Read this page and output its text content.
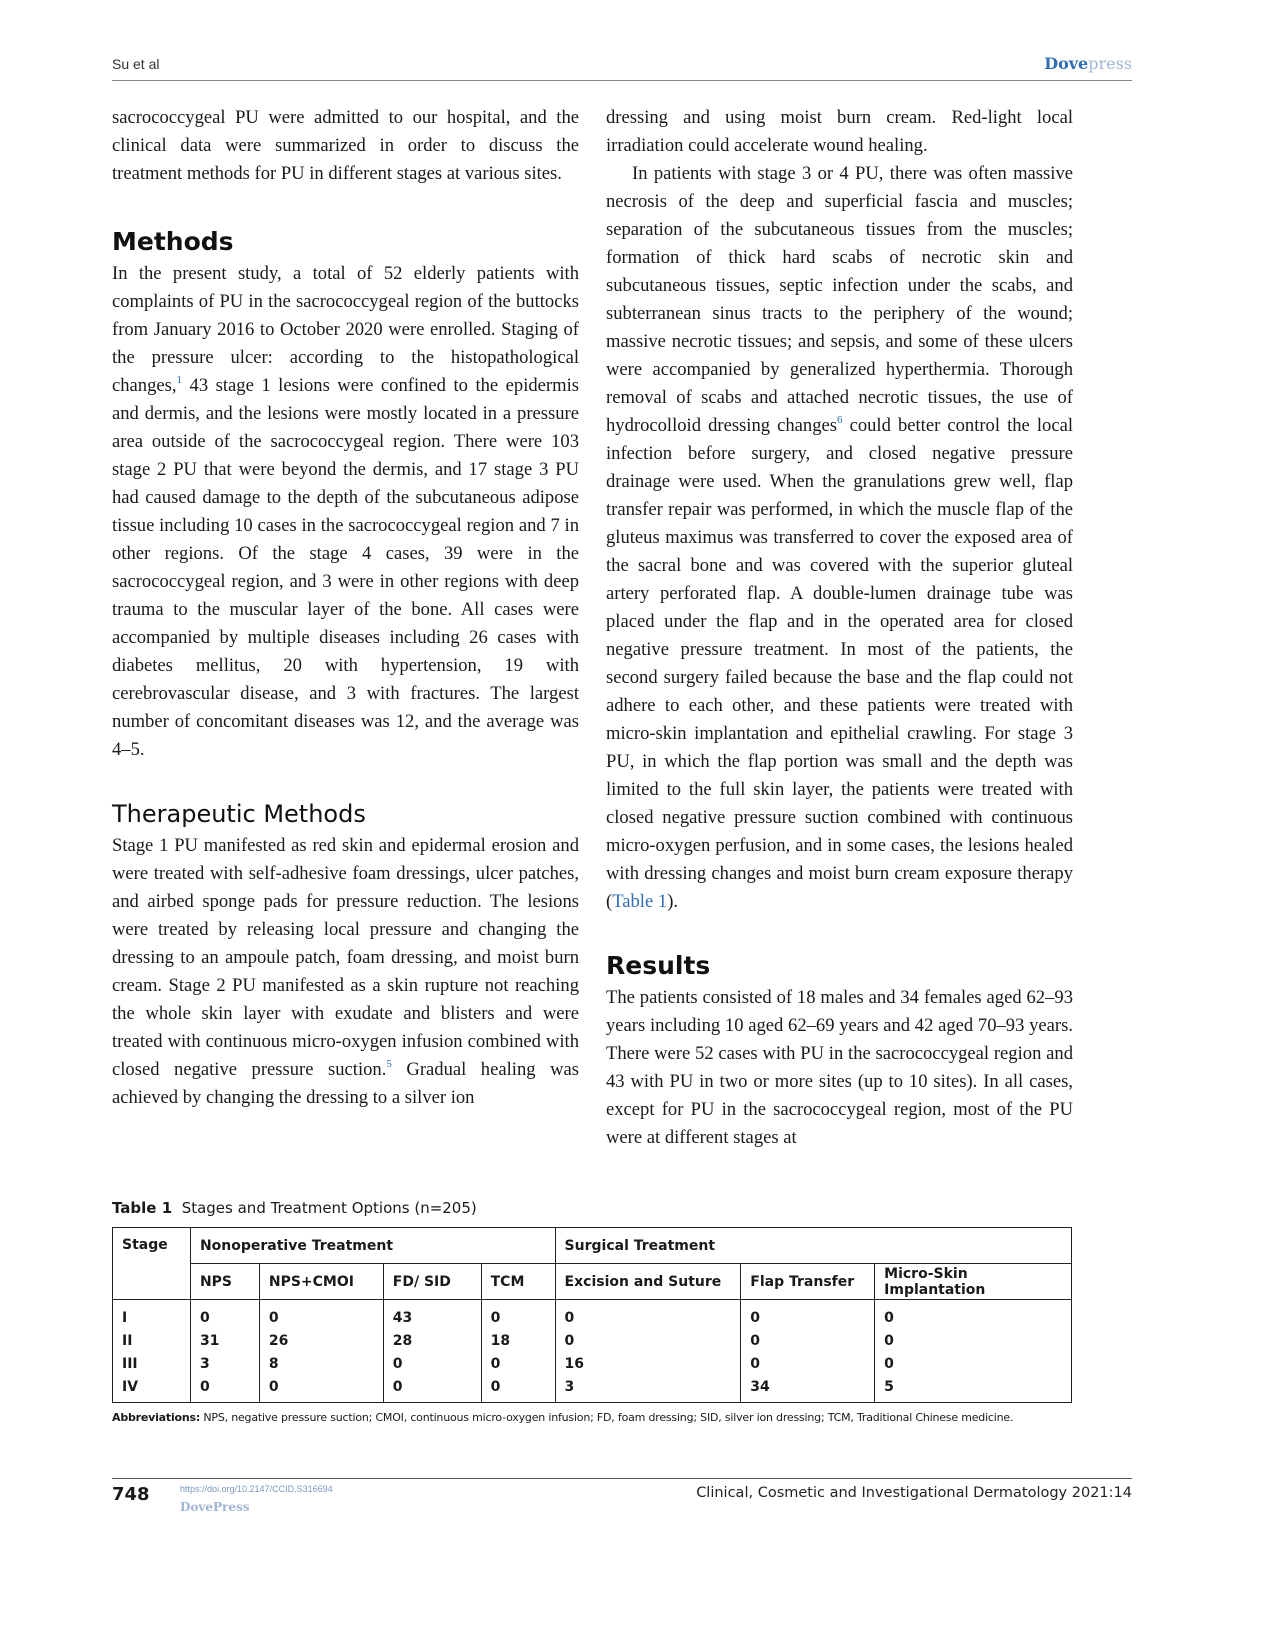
Su et al	Dovepress

sacrococcygeal PU were admitted to our hospital, and the clinical data were summarized in order to discuss the treatment methods for PU in different stages at various sites.

Methods

In the present study, a total of 52 elderly patients with complaints of PU in the sacrococcygeal region of the buttocks from January 2016 to October 2020 were enrolled. Staging of the pressure ulcer: according to the histopathological changes,$^1$ 43 stage 1 lesions were confined to the epidermis and dermis, and the lesions were mostly located in a pressure area outside of the sacrococcygeal region. There were 103 stage 2 PU that were beyond the dermis, and 17 stage 3 PU had caused damage to the depth of the subcutaneous adipose tissue including 10 cases in the sacrococcygeal region and 7 in other regions. Of the stage 4 cases, 39 were in the sacrococcygeal region, and 3 were in other regions with deep trauma to the muscular layer of the bone. All cases were accompanied by multiple diseases including 26 cases with diabetes mellitus, 20 with hypertension, 19 with cerebrovascular disease, and 3 with fractures. The largest number of concomitant diseases was 12, and the average was 4–5.

Therapeutic Methods

Stage 1 PU manifested as red skin and epidermal erosion and were treated with self-adhesive foam dressings, ulcer patches, and airbed sponge pads for pressure reduction. The lesions were treated by releasing local pressure and changing the dressing to an ampoule patch, foam dressing, and moist burn cream. Stage 2 PU manifested as a skin rupture not reaching the whole skin layer with exudate and blisters and were treated with continuous micro-oxygen infusion combined with closed negative pressure suction.$^5$ Gradual healing was achieved by changing the dressing to a silver ion

dressing and using moist burn cream. Red-light local irradiation could accelerate wound healing.

In patients with stage 3 or 4 PU, there was often massive necrosis of the deep and superficial fascia and muscles; separation of the subcutaneous tissues from the muscles; formation of thick hard scabs of necrotic skin and subcutaneous tissues, septic infection under the scabs, and subterranean sinus tracts to the periphery of the wound; massive necrotic tissues; and sepsis, and some of these ulcers were accompanied by generalized hyperthermia. Thorough removal of scabs and attached necrotic tissues, the use of hydrocolloid dressing changes$^6$ could better control the local infection before surgery, and closed negative pressure drainage were used. When the granulations grew well, flap transfer repair was performed, in which the muscle flap of the gluteus maximus was transferred to cover the exposed area of the sacral bone and was covered with the superior gluteal artery perforated flap. A double-lumen drainage tube was placed under the flap and in the operated area for closed negative pressure treatment. In most of the patients, the second surgery failed because the base and the flap could not adhere to each other, and these patients were treated with micro-skin implantation and epithelial crawling. For stage 3 PU, in which the flap portion was small and the depth was limited to the full skin layer, the patients were treated with closed negative pressure suction combined with continuous micro-oxygen perfusion, and in some cases, the lesions healed with dressing changes and moist burn cream exposure therapy (Table 1).

Results

The patients consisted of 18 males and 34 females aged 62–93 years including 10 aged 62–69 years and 42 aged 70–93 years. There were 52 cases with PU in the sacrococcygeal region and 43 with PU in two or more sites (up to 10 sites). In all cases, except for PU in the sacrococcygeal region, most of the PU were at different stages at

Table 1 Stages and Treatment Options (n=205)
Stage	Nonoperative Treatment				Surgical Treatment		
	NPS	NPS+CMOI	FD/ SID	TCM	Excision and Suture	Flap Transfer	Micro-Skin Implantation
I	0	0	43	0	0	0	0
II	31	26	28	18	0	0	0
III	3	8	0	0	16	0	0
IV	0	0	0	0	3	34	5
Abbreviations: NPS, negative pressure suction; CMOI, continuous micro-oxygen infusion; FD, foam dressing; SID, silver ion dressing; TCM, Traditional Chinese medicine.
748	https://doi.org/10.2147/CCID.S316694
DovePress
Clinical, Cosmetic and Investigational Dermatology 2021:14
